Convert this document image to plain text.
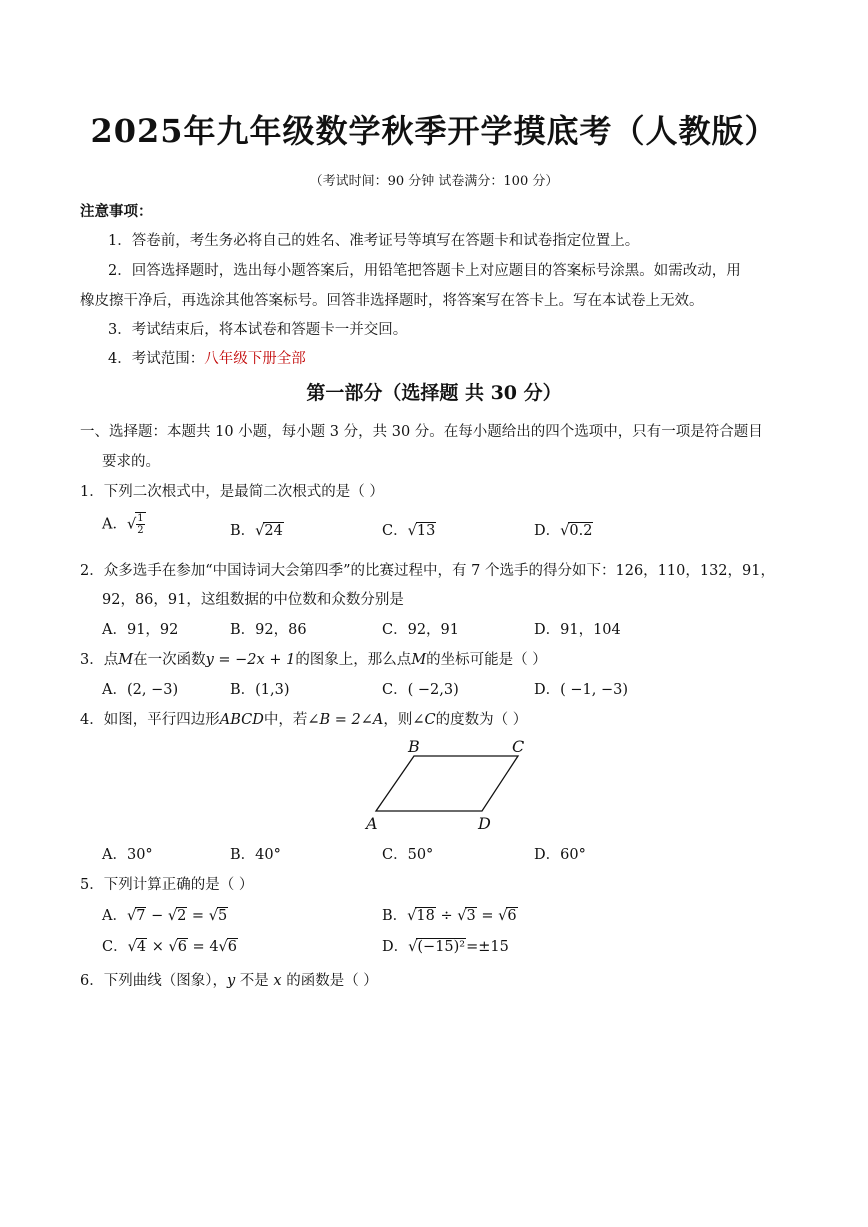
2025年九年级数学秋季开学摸底考（人教版）
（考试时间：90 分钟 试卷满分：100 分）
注意事项：
1．答卷前，考生务必将自己的姓名、准考证号等填写在答题卡和试卷指定位置上。
2．回答选择题时，选出每小题答案后，用铅笔把答题卡上对应题目的答案标号涂黑。如需改动，用
橡皮擦干净后，再选涂其他答案标号。回答非选择题时，将答案写在答卡上。写在本试卷上无效。
3．考试结束后，将本试卷和答题卡一并交回。
4．考试范围：八年级下册全部
第一部分（选择题 共 30 分）
一、选择题：本题共 10 小题，每小题 3 分，共 30 分。在每小题给出的四个选项中，只有一项是符合题目
要求的。
1．下列二次根式中，是最简二次根式的是（ ）
A．√ $\frac{1}{2}$	B．√24	C．√13	D．√0.2
2．众多选手在参加“中国诗词大会第四季”的比赛过程中，有 7 个选手的得分如下：126，110，132，91，
92，86，91，这组数据的中位数和众数分别是
A．91，92	B．92，86	C．92，91	D．91，104
3．点M在一次函数y = −2x + 1的图象上，那么点M的坐标可能是（ ）
A．(2, −3)	B．(1,3)	C．( −2,3)	D．( −1, −3)
4．如图，平行四边形ABCD中，若∠B = 2∠A，则∠C的度数为（ ）
B	C
A	D
A．30°	B．40°	C．50°	D．60°
5．下列计算正确的是（ ）
A．√7 − √2 = √5	B．√18 ÷ √3 = √6
C．√4 × √6 = 4√6	D．√(−15)²=±15
6．下列曲线（图象），y 不是 x 的函数是（ ）
